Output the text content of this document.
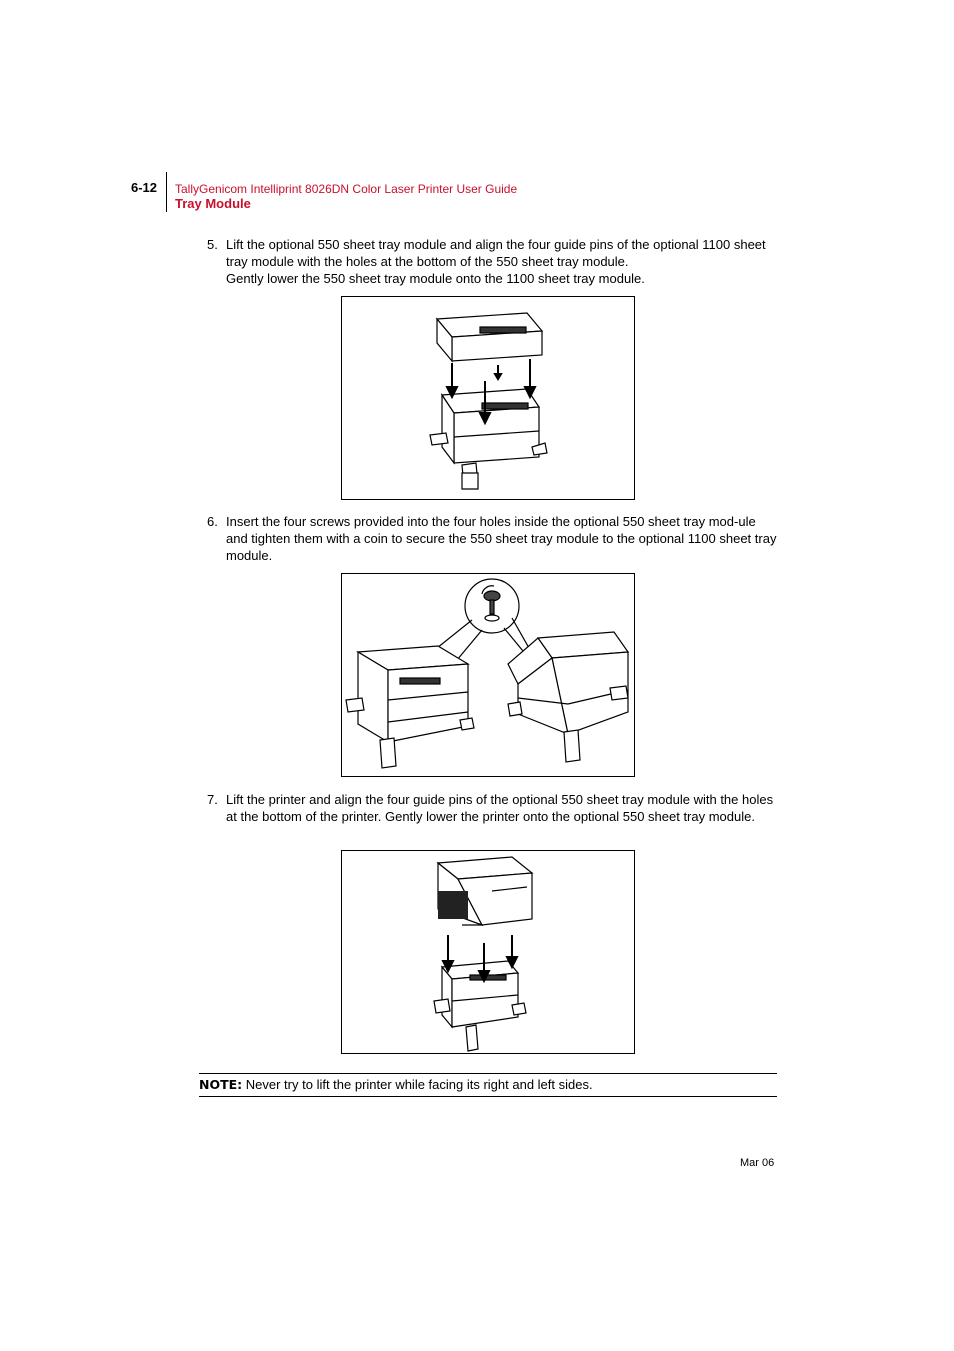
6-12 TallyGenicom Intelliprint 8026DN Color Laser Printer User Guide
Tray Module
5. Lift the optional 550 sheet tray module and align the four guide pins of the optional 1100 sheet tray module with the holes at the bottom of the 550 sheet tray module.
Gently lower the 550 sheet tray module onto the 1100 sheet tray module.
6. Insert the four screws provided into the four holes inside the optional 550 sheet tray mod-ule and tighten them with a coin to secure the 550 sheet tray module to the optional 1100 sheet tray module.
7. Lift the printer and align the four guide pins of the optional 550 sheet tray module with the holes at the bottom of the printer. Gently lower the printer onto the optional 550 sheet tray module.
NOTE: Never try to lift the printer while facing its right and left sides.
Mar 06
